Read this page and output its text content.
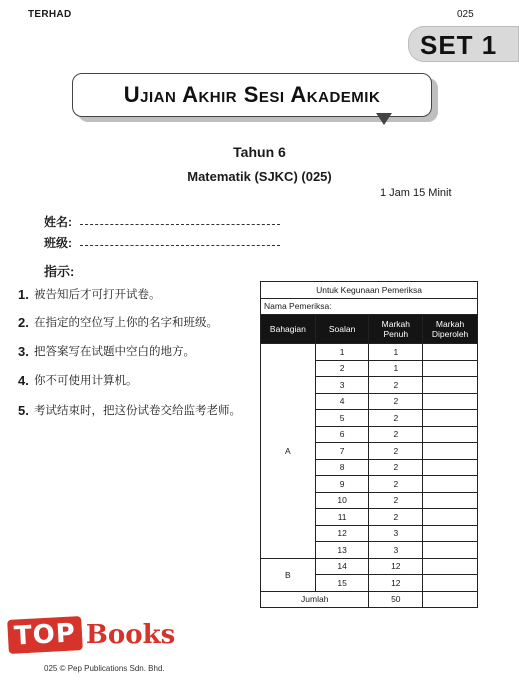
TERHAD	025
SET 1
Ujian Akhir Sesi Akademik
Tahun 6
Matematik (SJKC) (025)
1 Jam 15 Minit
姓名:
班级:
指示:
1. 被告知后才可打开试卷。
2. 在指定的空位写上你的名字和班级。
3. 把答案写在试题中空白的地方。
4. 你不可使用计算机。
5. 考试结束时，把这份试卷交给监考老师。
Untuk Kegunaan Pemeriksa			
Nama Pemeriksa:			
Bahagian	Soalan	Markah Penuh	Markah Diperoleh
A	1	1	
	2	1	
	3	2	
	4	2	
	5	2	
	6	2	
	7	2	
	8	2	
	9	2	
	10	2	
	11	2	
	12	3	
	13	3	
B	14	12	
	15	12	
Jumlah		50	
TOP Books
025 © Pep Publications Sdn. Bhd.
